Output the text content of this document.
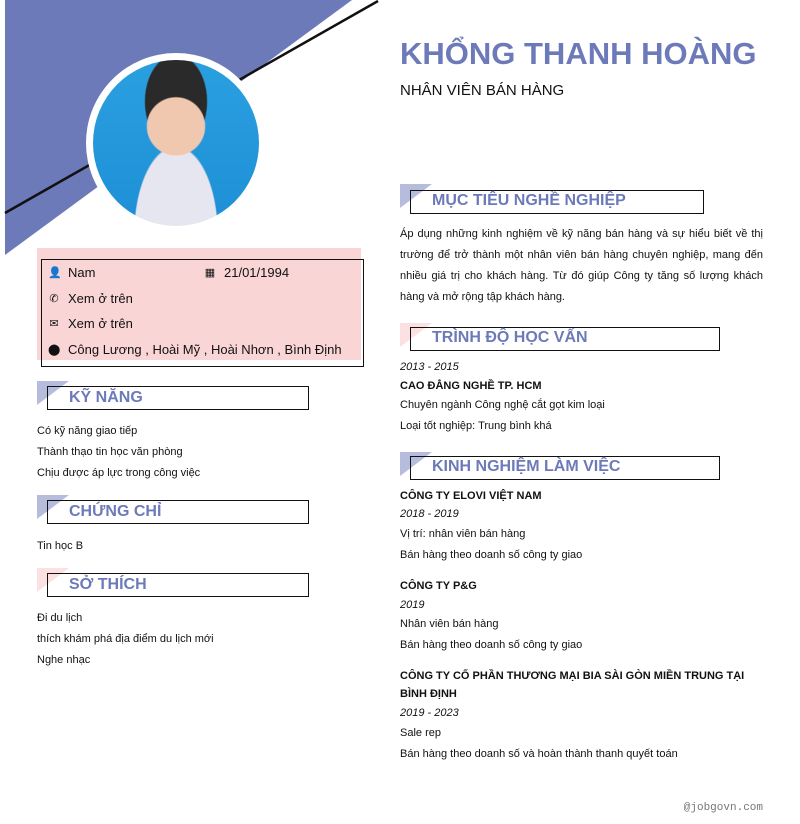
KHỔNG THANH HOÀNG
NHÂN VIÊN BÁN HÀNG
👤 Nam	▦ 21/01/1994
✆ Xem ở trên
✉ Xem ở trên
⬤ Công Lương , Hoài Mỹ , Hoài Nhơn , Bình Định
KỸ NĂNG
Có kỹ năng giao tiếp
Thành thạo tin học văn phòng
Chịu được áp lực trong công việc
CHỨNG CHỈ
Tin học B
SỞ THÍCH
Đi du lịch
thích khám phá địa điểm du lịch mới
Nghe nhạc
MỤC TIÊU NGHỀ NGHIỆP
Áp dụng những kinh nghiệm về kỹ năng bán hàng và sự hiểu biết về thị trường để trở thành một nhân viên bán hàng chuyên nghiệp, mang đến nhiều giá trị cho khách hàng. Từ đó giúp Công ty tăng số lượng khách hàng và mở rộng tập khách hàng.
TRÌNH ĐỘ HỌC VẤN
2013 - 2015
CAO ĐẲNG NGHỀ TP. HCM
Chuyên ngành Công nghệ cắt gọt kim loại
Loại tốt nghiệp: Trung bình khá
KINH NGHIỆM LÀM VIỆC
CÔNG TY ELOVI VIỆT NAM
2018 - 2019
Vị trí: nhân viên bán hàng
Bán hàng theo doanh số công ty giao
CÔNG TY P&G
2019
Nhân viên bán hàng
Bán hàng theo doanh số công ty giao
CÔNG TY CỐ PHẦN THƯƠNG MẠI BIA SÀI GÒN MIỀN TRUNG TẠI BÌNH ĐỊNH
2019 - 2023
Sale rep
Bán hàng theo doanh số và hoàn thành thanh quyết toán
@jobgovn.com
